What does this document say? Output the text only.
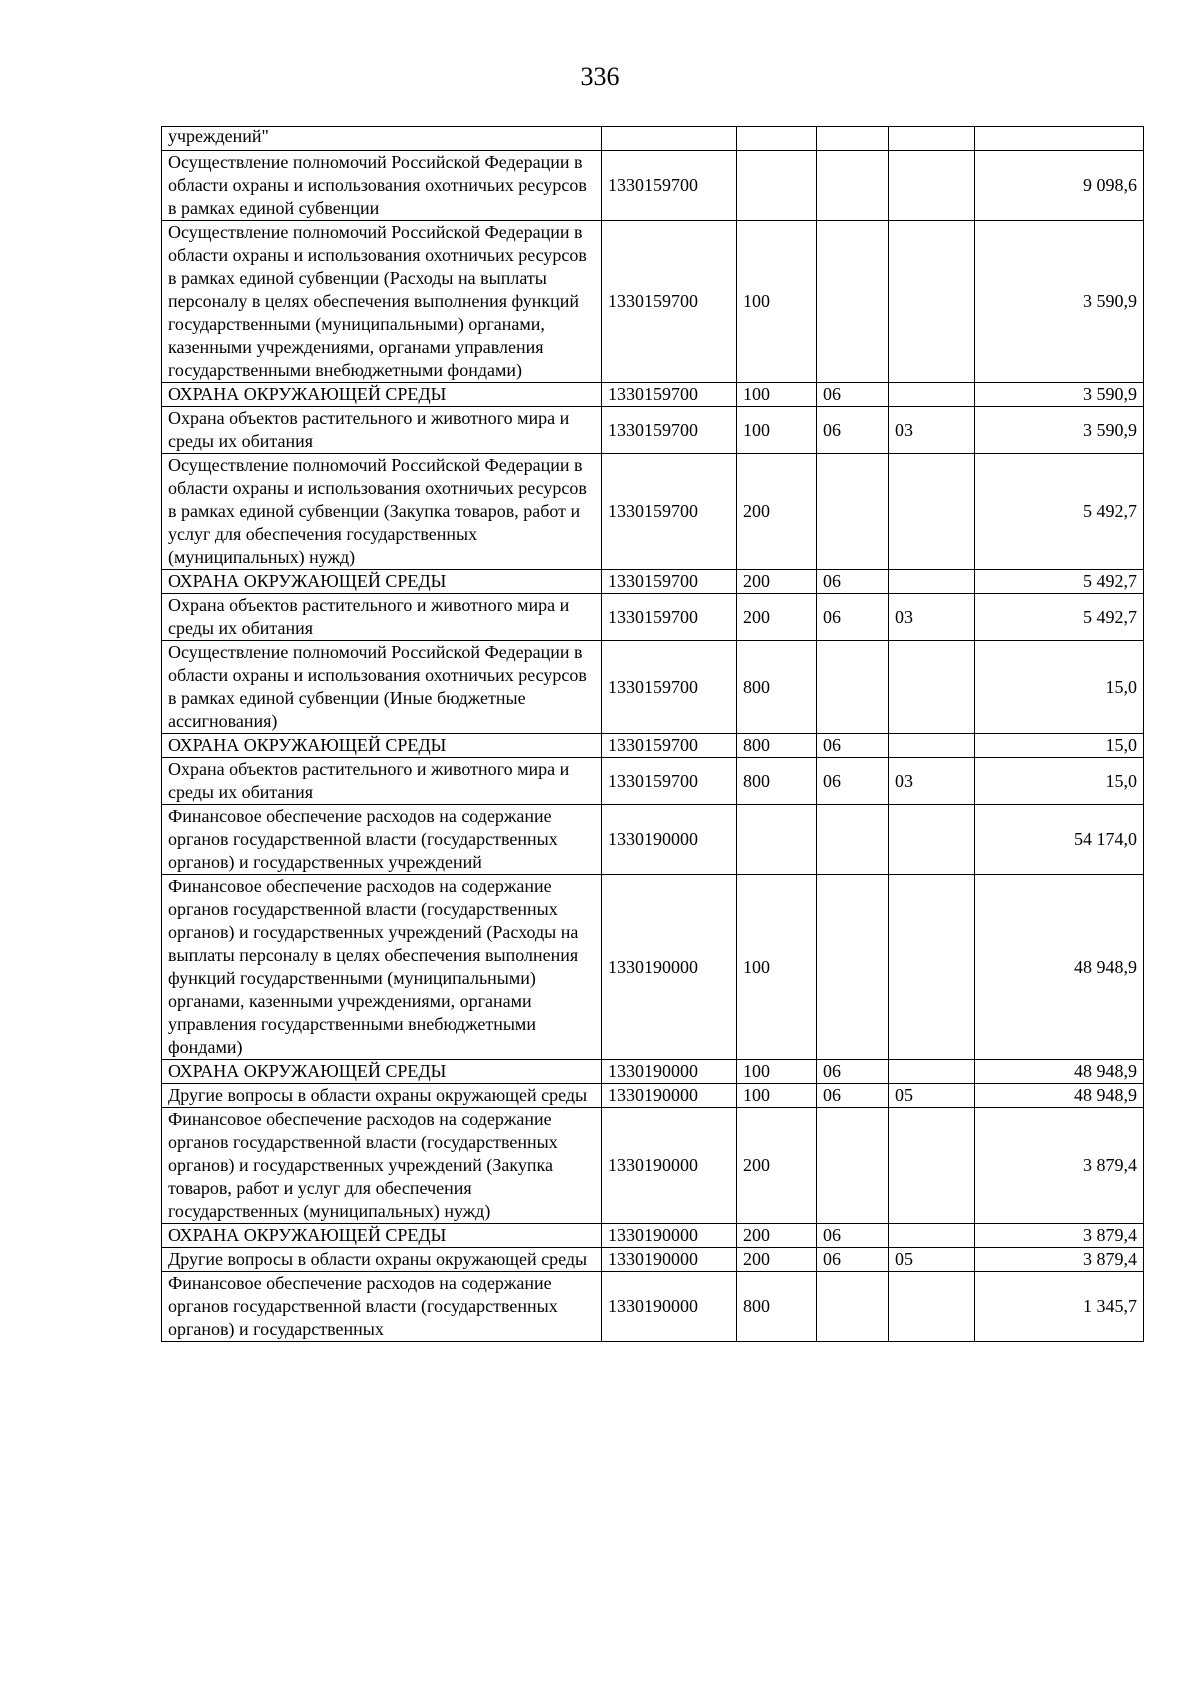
336
учреждений"					
Осуществление полномочий Российской Федерации в области охраны и использования охотничьих ресурсов в рамках единой субвенции	1330159700				9 098,6
Осуществление полномочий Российской Федерации в области охраны и использования охотничьих ресурсов в рамках единой субвенции (Расходы на выплаты персоналу в целях обеспечения выполнения функций государственными (муниципальными) органами, казенными учреждениями, органами управления государственными внебюджетными фондами)	1330159700	100			3 590,9
ОХРАНА ОКРУЖАЮЩЕЙ СРЕДЫ	1330159700	100	06		3 590,9
Охрана объектов растительного и животного мира и среды их обитания	1330159700	100	06	03	3 590,9
Осуществление полномочий Российской Федерации в области охраны и использования охотничьих ресурсов в рамках единой субвенции (Закупка товаров, работ и услуг для обеспечения государственных (муниципальных) нужд)	1330159700	200			5 492,7
ОХРАНА ОКРУЖАЮЩЕЙ СРЕДЫ	1330159700	200	06		5 492,7
Охрана объектов растительного и животного мира и среды их обитания	1330159700	200	06	03	5 492,7
Осуществление полномочий Российской Федерации в области охраны и использования охотничьих ресурсов в рамках единой субвенции (Иные бюджетные ассигнования)	1330159700	800			15,0
ОХРАНА ОКРУЖАЮЩЕЙ СРЕДЫ	1330159700	800	06		15,0
Охрана объектов растительного и животного мира и среды их обитания	1330159700	800	06	03	15,0
Финансовое обеспечение расходов на содержание органов государственной власти (государственных органов) и государственных учреждений	1330190000				54 174,0
Финансовое обеспечение расходов на содержание органов государственной власти (государственных органов) и государственных учреждений (Расходы на выплаты персоналу в целях обеспечения выполнения функций государственными (муниципальными) органами, казенными учреждениями, органами управления государственными внебюджетными фондами)	1330190000	100			48 948,9
ОХРАНА ОКРУЖАЮЩЕЙ СРЕДЫ	1330190000	100	06		48 948,9
Другие вопросы в области охраны окружающей среды	1330190000	100	06	05	48 948,9
Финансовое обеспечение расходов на содержание органов государственной власти (государственных органов) и государственных учреждений (Закупка товаров, работ и услуг для обеспечения государственных (муниципальных) нужд)	1330190000	200			3 879,4
ОХРАНА ОКРУЖАЮЩЕЙ СРЕДЫ	1330190000	200	06		3 879,4
Другие вопросы в области охраны окружающей среды	1330190000	200	06	05	3 879,4
Финансовое обеспечение расходов на содержание органов государственной власти (государственных органов) и государственных	1330190000	800			1 345,7
